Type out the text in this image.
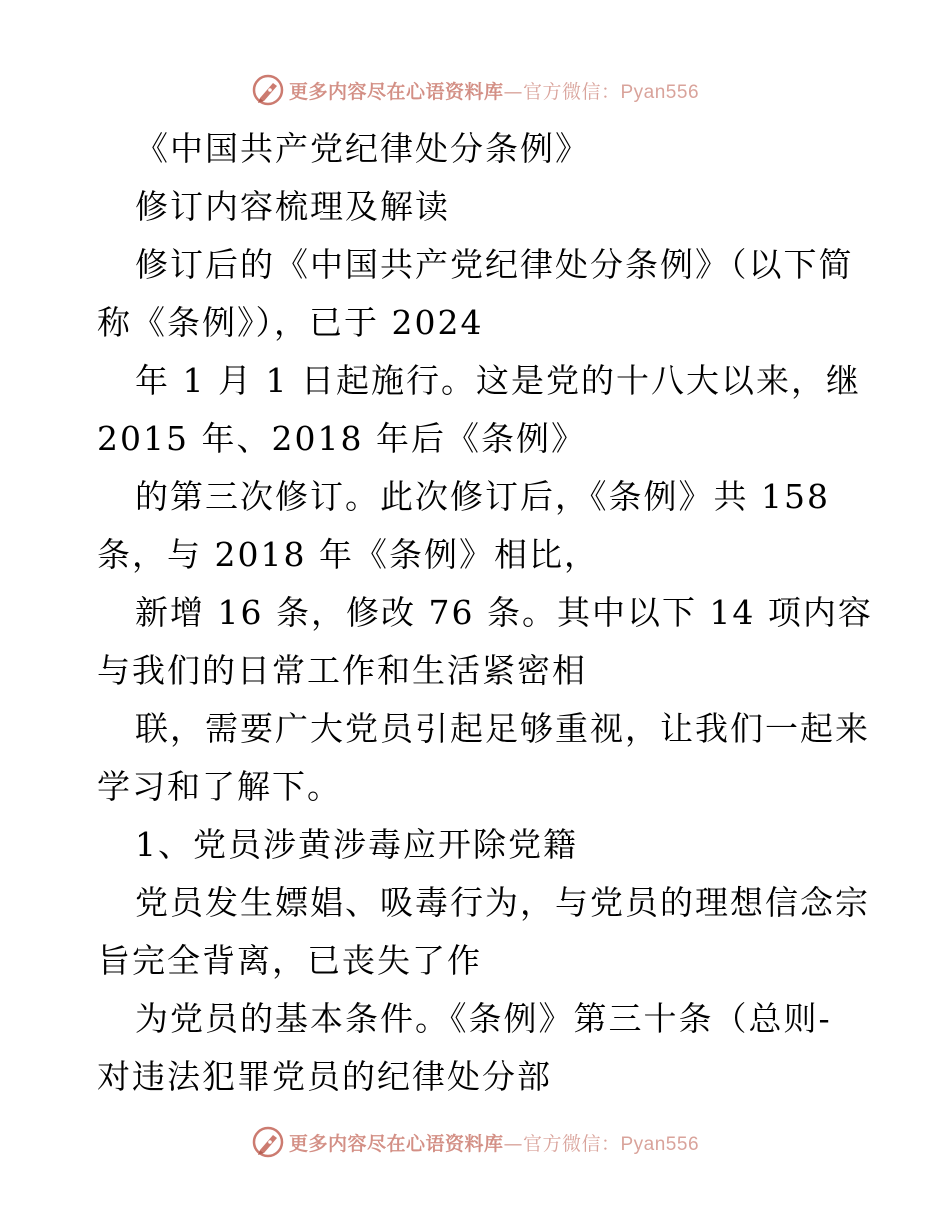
更多内容尽在心语资料库—官方微信：Pyan556
《中国共产党纪律处分条例》
修订内容梳理及解读
修订后的《中国共产党纪律处分条例》（以下简
称《条例》），已于 2024
年 1 月 1 日起施行。这是党的十八大以来，继
2015 年、2018 年后《条例》
的第三次修订。此次修订后，《条例》共 158
条，与 2018 年《条例》相比，
新增 16 条，修改 76 条。其中以下 14 项内容
与我们的日常工作和生活紧密相
联，需要广大党员引起足够重视，让我们一起来
学习和了解下。
1、党员涉黄涉毒应开除党籍
党员发生嫖娼、吸毒行为，与党员的理想信念宗
旨完全背离，已丧失了作
为党员的基本条件。《条例》第三十条（总则-
对违法犯罪党员的纪律处分部
更多内容尽在心语资料库—官方微信：Pyan556
